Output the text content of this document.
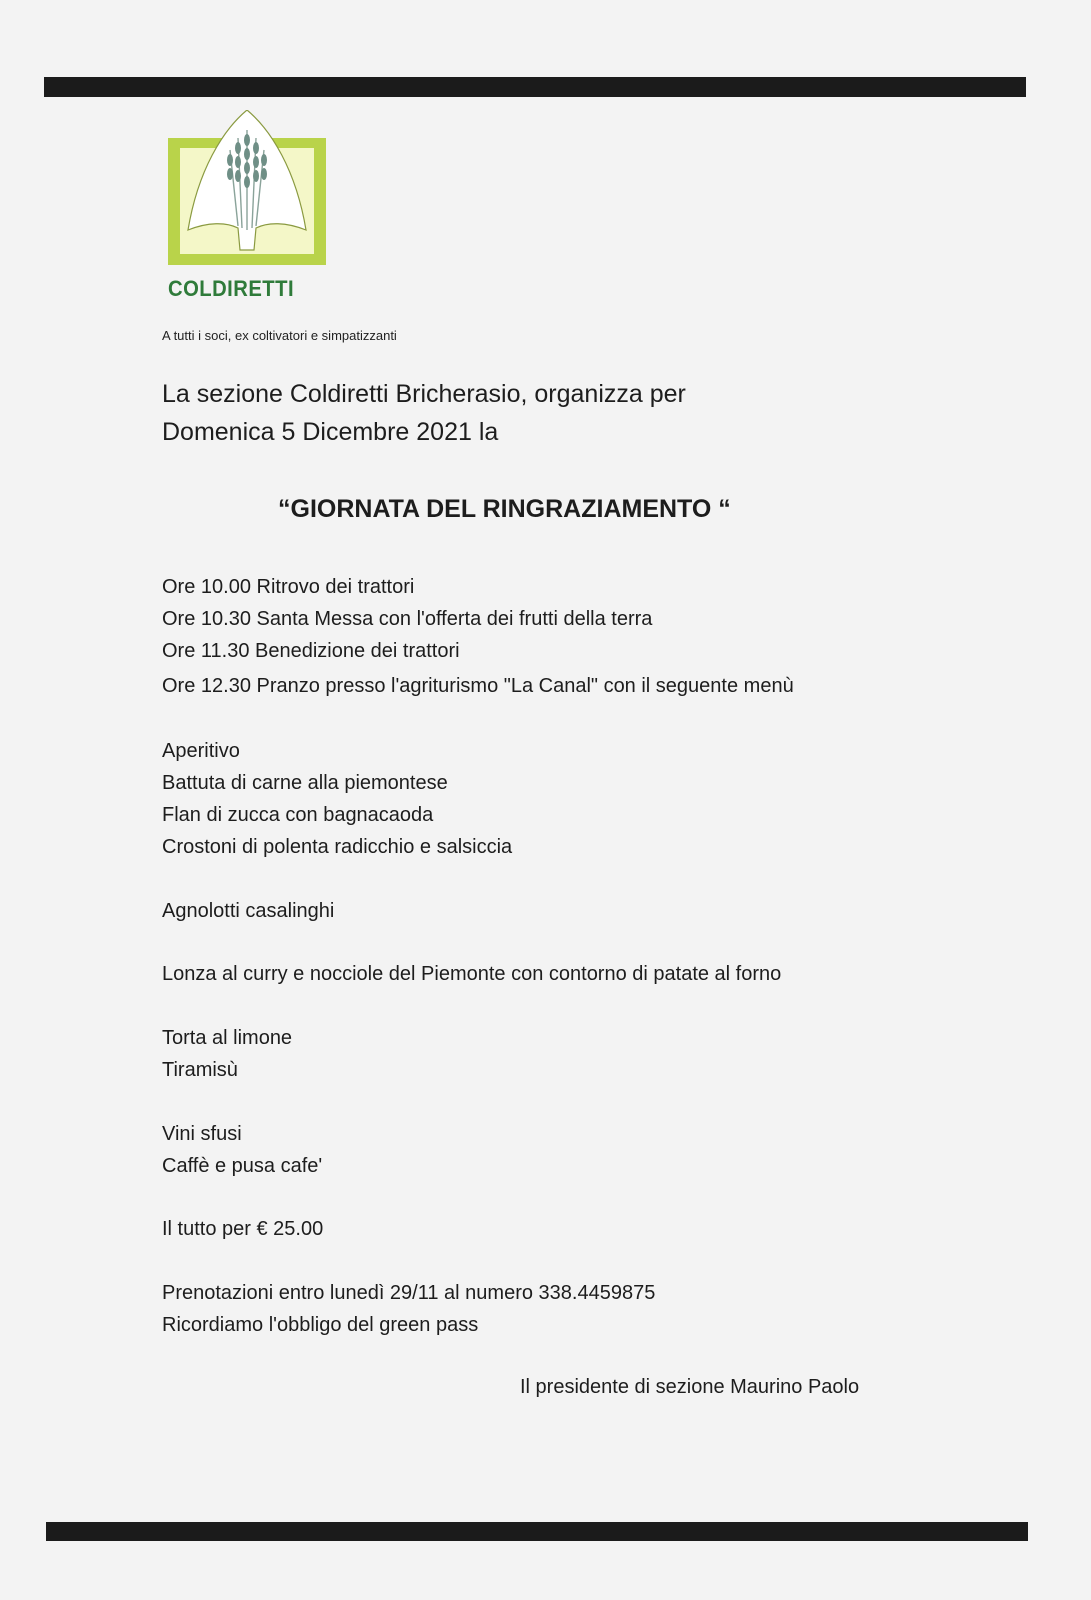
COLDIRETTI
A tutti i soci, ex coltivatori e simpatizzanti
La sezione Coldiretti Bricherasio, organizza per
Domenica 5 Dicembre 2021 la
“GIORNATA DEL RINGRAZIAMENTO “
Ore 10.00 Ritrovo dei trattori
Ore 10.30 Santa Messa con l'offerta dei frutti della terra
Ore 11.30 Benedizione dei trattori
Ore 12.30 Pranzo presso l'agriturismo "La Canal" con il seguente menù
Aperitivo
Battuta di carne alla piemontese
Flan di zucca con bagnacaoda
Crostoni di polenta radicchio e salsiccia
Agnolotti casalinghi
Lonza al curry e nocciole del Piemonte con contorno di patate al forno
Torta al limone
Tiramisù
Vini sfusi
Caffè e pusa cafe'
Il tutto per € 25.00
Prenotazioni entro lunedì 29/11 al numero 338.4459875
Ricordiamo l'obbligo del green pass
Il presidente di sezione Maurino Paolo
